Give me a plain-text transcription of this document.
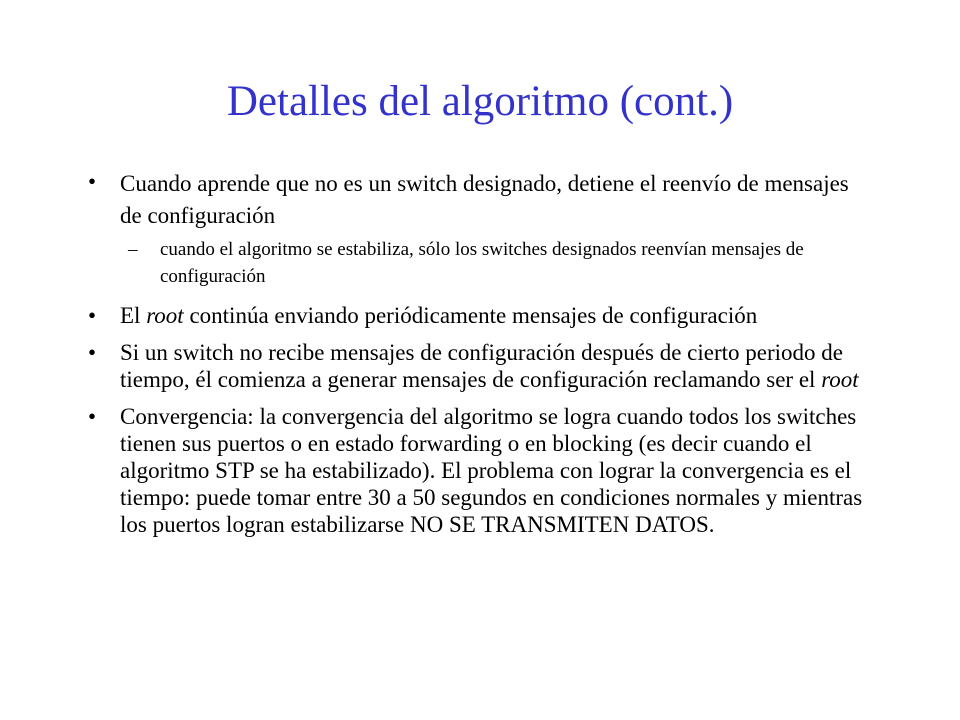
Detalles del algoritmo (cont.)
•	Cuando aprende que no es un switch designado, detiene el reenvío de mensajes de configuración
–	cuando el algoritmo se estabiliza, sólo los switches designados reenvían mensajes de configuración
•	El root continúa enviando periódicamente mensajes de configuración
•	Si un switch no recibe mensajes de configuración después de cierto periodo de tiempo, él comienza a generar mensajes de configuración reclamando ser el root
•	Convergencia: la convergencia del algoritmo se logra cuando todos los switches tienen sus puertos o en estado forwarding o en blocking (es decir cuando el algoritmo STP se ha estabilizado). El problema con lograr la convergencia es el tiempo: puede tomar entre 30 a 50 segundos en condiciones normales y mientras los puertos logran estabilizarse NO SE TRANSMITEN DATOS.
